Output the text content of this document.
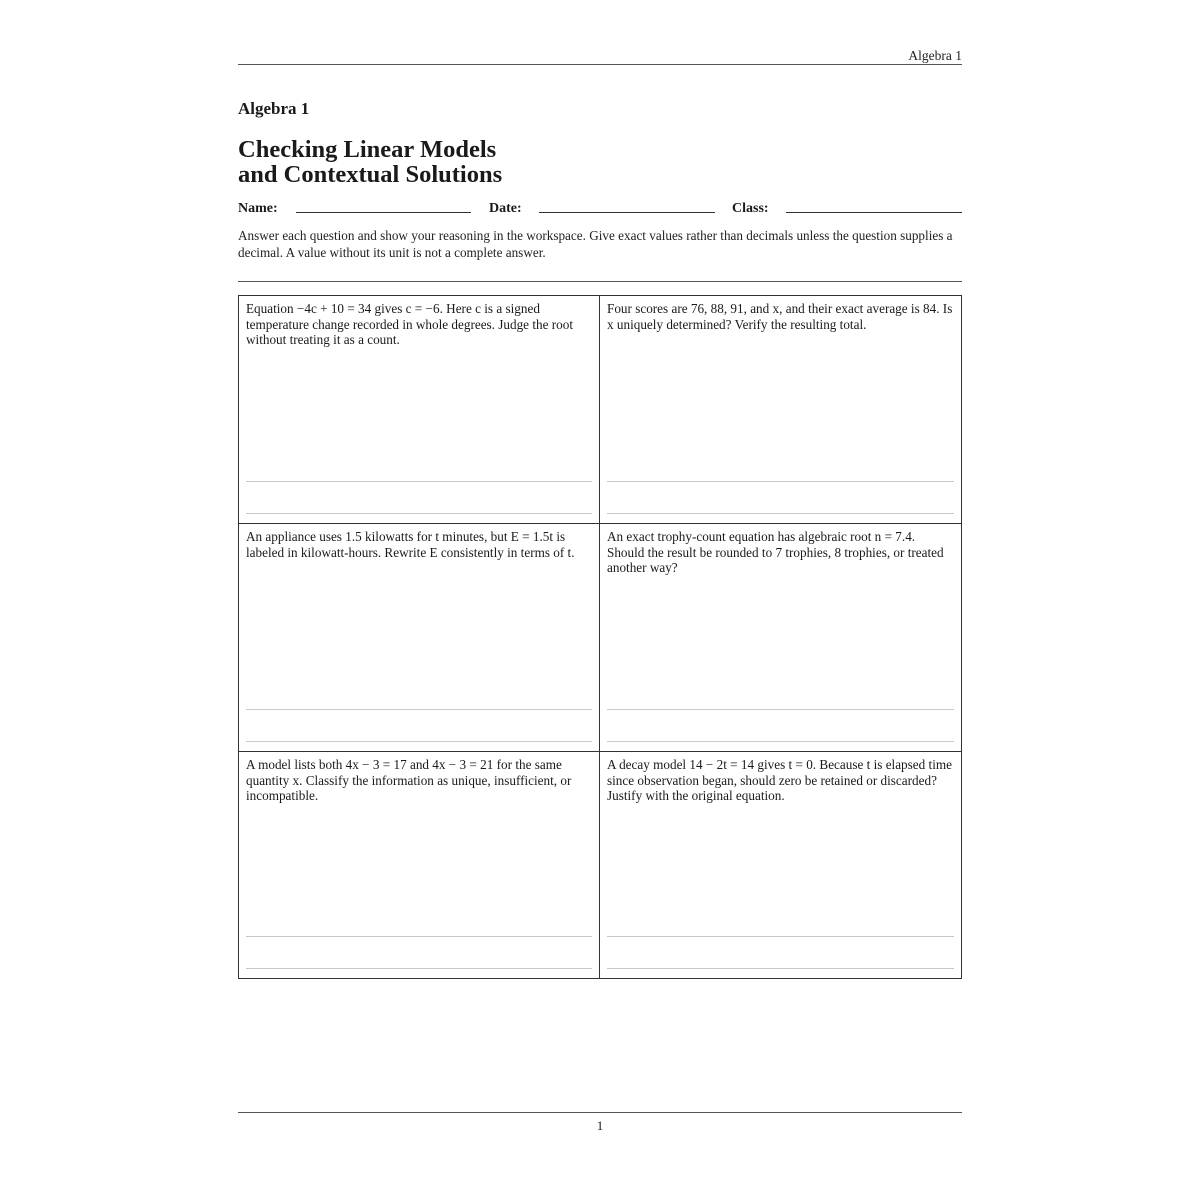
Algebra 1
Algebra 1
Checking Linear Models
and Contextual Solutions
Name:	Date:	Class:
Answer each question and show your reasoning in the workspace. Give exact values rather than decimals unless the question supplies a decimal. A value without its unit is not a complete answer.

Equation −4c + 10 = 34 gives c = −6. Here c is a signed temperature change recorded in whole degrees. Judge the root without treating it as a count.

Four scores are 76, 88, 91, and x, and their exact average is 84. Is x uniquely determined? Verify the resulting total.

An appliance uses 1.5 kilowatts for t minutes, but E = 1.5t is labeled in kilowatt-hours. Rewrite E consistently in terms of t.

An exact trophy-count equation has algebraic root n = 7.4. Should the result be rounded to 7 trophies, 8 trophies, or treated another way?

A model lists both 4x − 3 = 17 and 4x − 3 = 21 for the same quantity x. Classify the information as unique, insufficient, or incompatible.

A decay model 14 − 2t = 14 gives t = 0. Because t is elapsed time since observation began, should zero be retained or discarded? Justify with the original equation.

1
